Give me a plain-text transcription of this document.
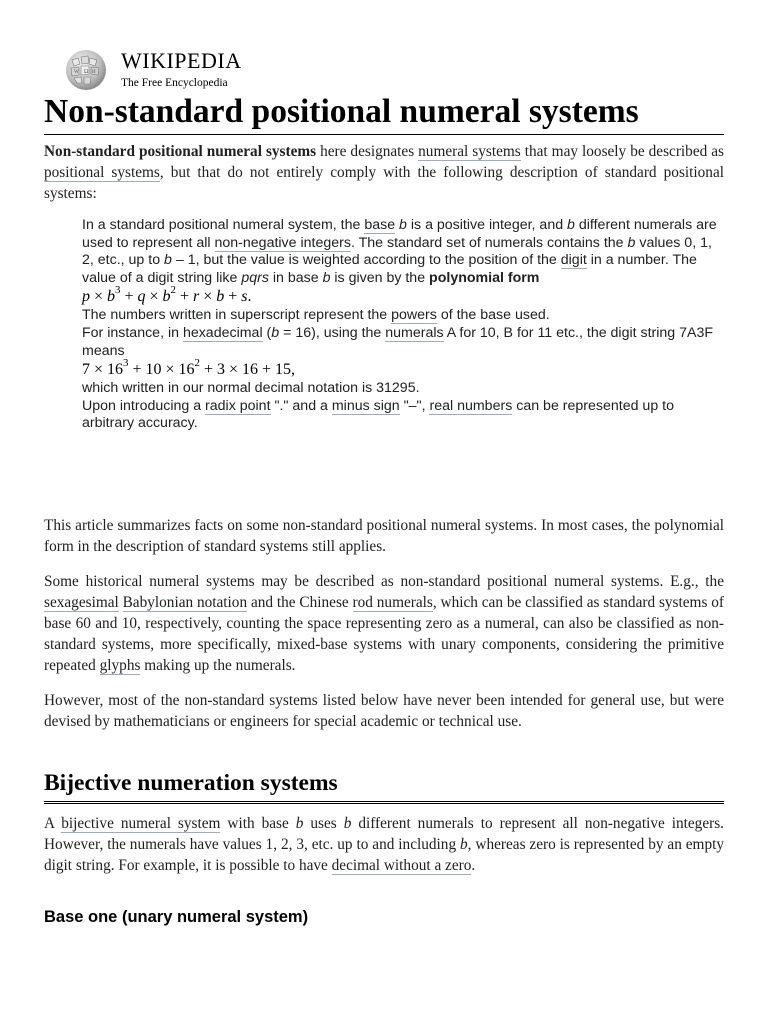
Ω
W	И WIKIPEDIA
The Free Encyclopedia
Non-standard positional numeral systems

Non-standard positional numeral systems here designates numeral systems that may loosely be described as positional systems, but that do not entirely comply with the following description of standard positional systems:

In a standard positional numeral system, the base b is a positive integer, and b different numerals are used to represent all non-negative integers. The standard set of numerals contains the b values 0, 1, 2, etc., up to b – 1, but the value is weighted according to the position of the digit in a number. The value of a digit string like pqrs in base b is given by the polynomial form

$p \times b^3 + q \times b^2 + r \times b + s$.

The numbers written in superscript represent the powers of the base used.
For instance, in hexadecimal (b = 16), using the numerals A for 10, B for 11 etc., the digit string 7A3F means

$7 \times 16^3 + 10 \times 16^2 + 3 \times 16 + 15$,

which written in our normal decimal notation is 31295.
Upon introducing a radix point "." and a minus sign "–", real numbers can be represented up to arbitrary accuracy.

This article summarizes facts on some non-standard positional numeral systems. In most cases, the polynomial form in the description of standard systems still applies.

Some historical numeral systems may be described as non-standard positional numeral systems. E.g., the sexagesimal Babylonian notation and the Chinese rod numerals, which can be classified as standard systems of base 60 and 10, respectively, counting the space representing zero as a numeral, can also be classified as non-standard systems, more specifically, mixed-base systems with unary components, considering the primitive repeated glyphs making up the numerals.

However, most of the non-standard systems listed below have never been intended for general use, but were devised by mathematicians or engineers for special academic or technical use.

Bijective numeration systems

A bijective numeral system with base b uses b different numerals to represent all non-negative integers. However, the numerals have values 1, 2, 3, etc. up to and including b, whereas zero is represented by an empty digit string. For example, it is possible to have decimal without a zero.

Base one (unary numeral system)
